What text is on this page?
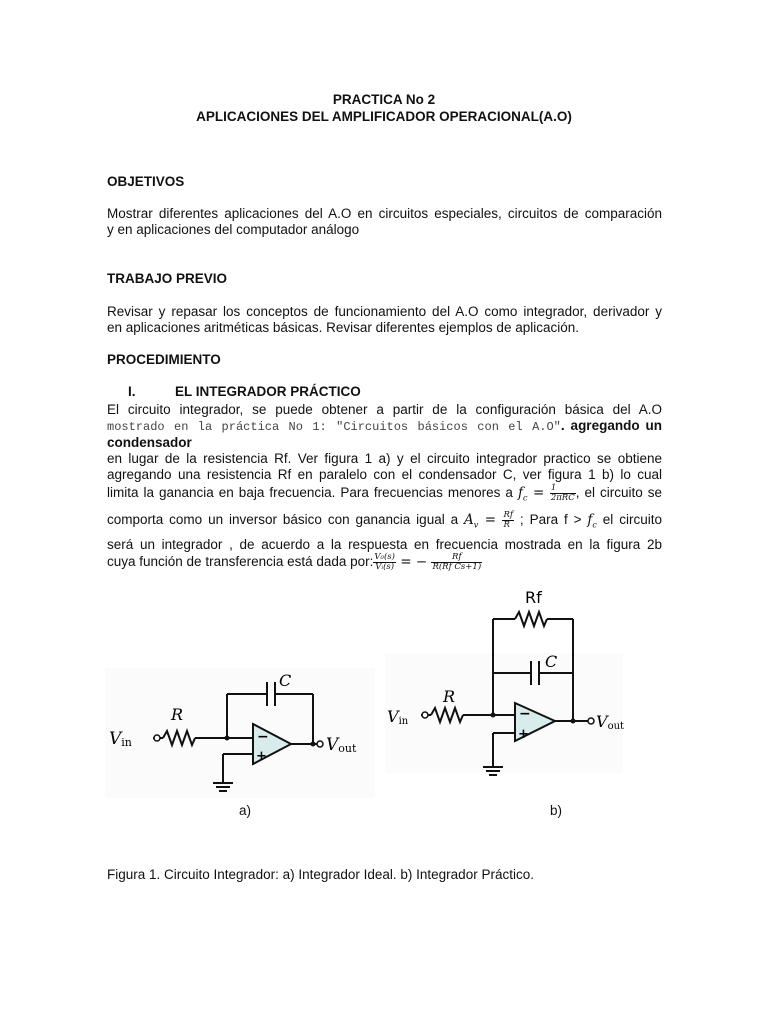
PRACTICA No 2
APLICACIONES DEL AMPLIFICADOR OPERACIONAL(A.O)
OBJETIVOS
Mostrar diferentes aplicaciones del A.O en circuitos especiales, circuitos de comparación
y en aplicaciones del computador análogo
TRABAJO PREVIO
Revisar y repasar los conceptos de funcionamiento del A.O como integrador, derivador y
en aplicaciones aritméticas básicas. Revisar diferentes ejemplos de aplicación.
PROCEDIMIENTO
I.	EL INTEGRADOR PRÁCTICO
El circuito integrador, se puede obtener a partir de la configuración básica del A.O
mostrado en la práctica No 1: "Circuitos básicos con el A.O". agregando un condensador
en lugar de la resistencia Rf. Ver figura 1 a) y el circuito integrador practico se obtiene
agregando una resistencia Rf en paralelo con el condensador C, ver figura 1 b) lo cual
limita la ganancia en baja frecuencia. Para frecuencias menores a $f_c = \frac{1}{\text{2πRC}}$ , el circuito se
comporta como un inversor básico con ganancia igual a $A_v = \frac{Rf}{R}$ ; Para $f > f_c$ el circuito
será un integrador , de acuerdo a la respuesta en frecuencia mostrada en la figura 2b
cuya función de transferencia está dada por: $\frac{\text{V₀(s)}}{\text{Vᵢ(s)}}$ = − $\frac{Rf}{\text{R(Rf Cs+1)}}$
−
+
R
C
Vin	Vout
a)
−
+
Rf
C
R
Vin	Vout
b)
Figura 1. Circuito Integrador: a) Integrador Ideal. b) Integrador Práctico.
